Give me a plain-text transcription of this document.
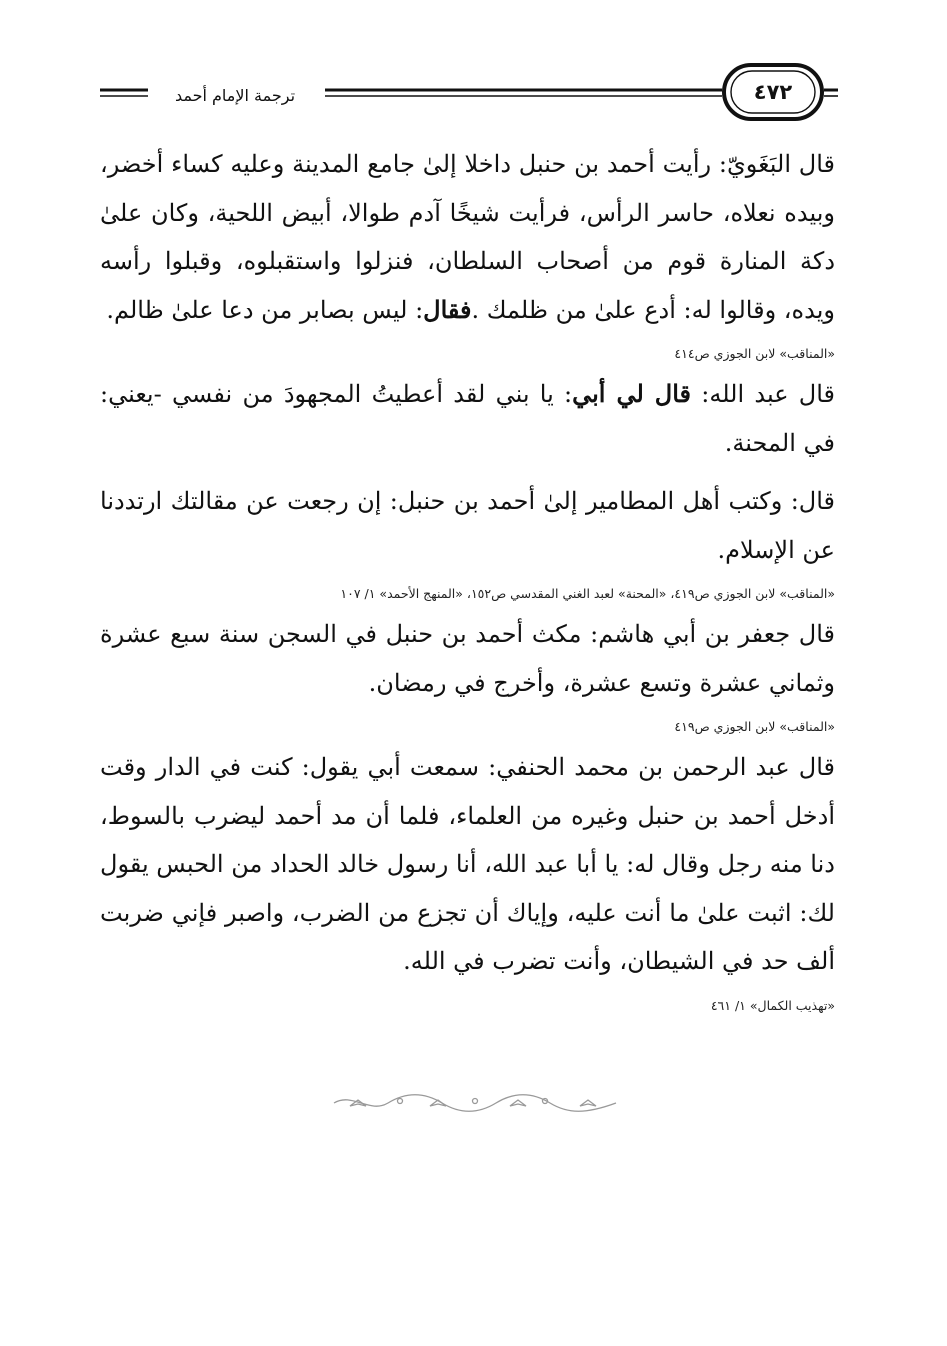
٤٧٢
ترجمة الإمام أحمد

قال البَغَويّ: رأيت أحمد بن حنبل داخلا إلىٰ جامع المدينة وعليه كساء أخضر، وبيده نعلاه، حاسر الرأس، فرأيت شيخًا آدم طوالا، أبيض اللحية، وكان علىٰ دكة المنارة قوم من أصحاب السلطان، فنزلوا واستقبلوه، وقبلوا رأسه ويده، وقالوا له: أدع علىٰ من ظلمك .فقال: ليس بصابر من دعا علىٰ ظالم.

«المناقب» لابن الجوزي ص٤١٤

قال عبد الله: قال لي أبي: يا بني لقد أعطيتُ المجهودَ من نفسي -يعني: في المحنة.

قال: وكتب أهل المطامير إلىٰ أحمد بن حنبل: إن رجعت عن مقالتك ارتددنا عن الإسلام.

«المناقب» لابن الجوزي ص٤١٩، «المحنة» لعبد الغني المقدسي ص١٥٢، «المنهج الأحمد» ١/ ١٠٧

قال جعفر بن أبي هاشم: مكث أحمد بن حنبل في السجن سنة سبع عشرة وثماني عشرة وتسع عشرة، وأخرج في رمضان.

«المناقب» لابن الجوزي ص٤١٩

قال عبد الرحمن بن محمد الحنفي: سمعت أبي يقول: كنت في الدار وقت أدخل أحمد بن حنبل وغيره من العلماء، فلما أن مد أحمد ليضرب بالسوط، دنا منه رجل وقال له: يا أبا عبد الله، أنا رسول خالد الحداد من الحبس يقول لك: اثبت علىٰ ما أنت عليه، وإياك أن تجزع من الضرب، واصبر فإني ضربت ألف حد في الشيطان، وأنت تضرب في الله.

«تهذيب الكمال» ١/ ٤٦١
